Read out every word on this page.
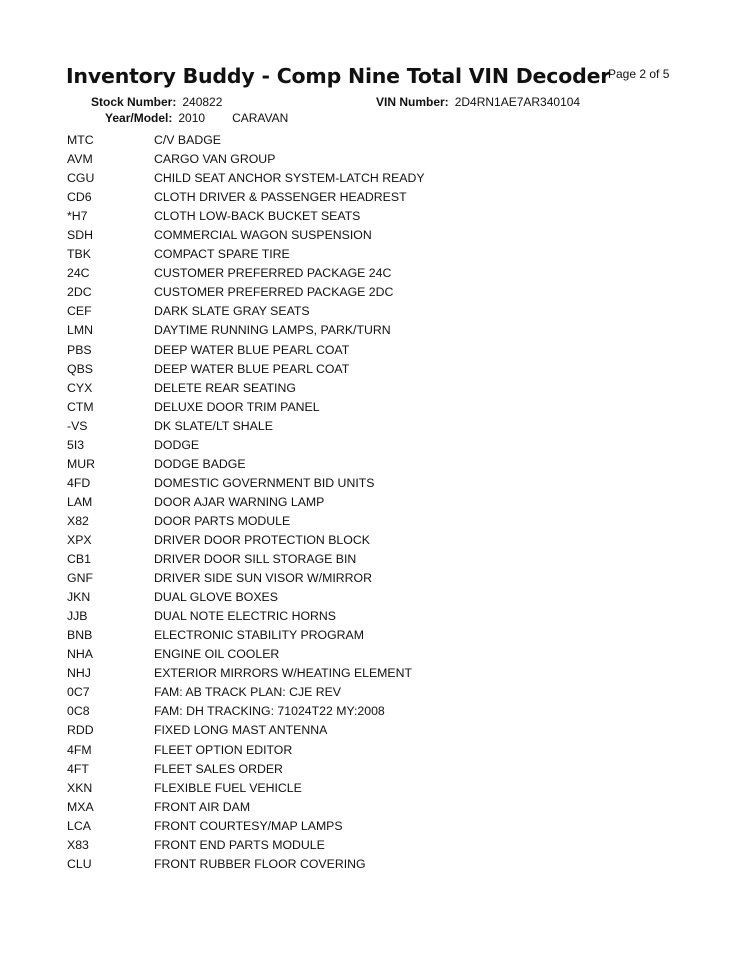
Inventory Buddy - Comp Nine Total VIN Decoder
Page 2 of 5
Stock Number: 240822	VIN Number: 2D4RN1AE7AR340104
Year/Model: 2010 CARAVAN
MTC	C/V BADGE
AVM	CARGO VAN GROUP
CGU	CHILD SEAT ANCHOR SYSTEM-LATCH READY
CD6	CLOTH DRIVER & PASSENGER HEADREST
*H7	CLOTH LOW-BACK BUCKET SEATS
SDH	COMMERCIAL WAGON SUSPENSION
TBK	COMPACT SPARE TIRE
24C	CUSTOMER PREFERRED PACKAGE 24C
2DC	CUSTOMER PREFERRED PACKAGE 2DC
CEF	DARK SLATE GRAY SEATS
LMN	DAYTIME RUNNING LAMPS, PARK/TURN
PBS	DEEP WATER BLUE PEARL COAT
QBS	DEEP WATER BLUE PEARL COAT
CYX	DELETE REAR SEATING
CTM	DELUXE DOOR TRIM PANEL
-VS	DK SLATE/LT SHALE
5I3	DODGE
MUR	DODGE BADGE
4FD	DOMESTIC GOVERNMENT BID UNITS
LAM	DOOR AJAR WARNING LAMP
X82	DOOR PARTS MODULE
XPX	DRIVER DOOR PROTECTION BLOCK
CB1	DRIVER DOOR SILL STORAGE BIN
GNF	DRIVER SIDE SUN VISOR W/MIRROR
JKN	DUAL GLOVE BOXES
JJB	DUAL NOTE ELECTRIC HORNS
BNB	ELECTRONIC STABILITY PROGRAM
NHA	ENGINE OIL COOLER
NHJ	EXTERIOR MIRRORS W/HEATING ELEMENT
0C7	FAM: AB TRACK PLAN: CJE REV
0C8	FAM: DH TRACKING: 71024T22 MY:2008
RDD	FIXED LONG MAST ANTENNA
4FM	FLEET OPTION EDITOR
4FT	FLEET SALES ORDER
XKN	FLEXIBLE FUEL VEHICLE
MXA	FRONT AIR DAM
LCA	FRONT COURTESY/MAP LAMPS
X83	FRONT END PARTS MODULE
CLU	FRONT RUBBER FLOOR COVERING
